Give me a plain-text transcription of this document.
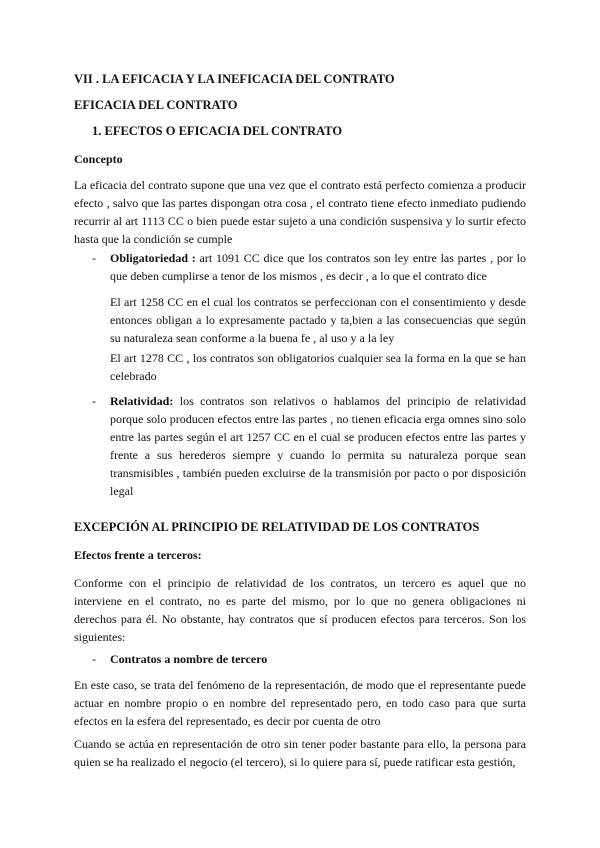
VII . LA EFICACIA Y LA INEFICACIA DEL CONTRATO

EFICACIA DEL CONTRATO

1. EFECTOS O EFICACIA DEL CONTRATO

Concepto

La eficacia del contrato supone que una vez que el contrato está perfecto comienza a producir efecto , salvo que las partes dispongan otra cosa , el contrato tiene efecto inmediato pudiendo recurrir al art 1113 CC o bien puede estar sujeto a una condición suspensiva y lo surtir efecto hasta que la condición se cumple

- Obligatoriedad : art 1091 CC dice que los contratos son ley entre las partes , por lo que deben cumplirse a tenor de los mismos , es decir , a lo que el contrato dice

El art 1258 CC en el cual los contratos se perfeccionan con el consentimiento y desde entonces obligan a lo expresamente pactado y ta,bien a las consecuencias que según su naturaleza sean conforme a la buena fe , al uso y a la ley

El art 1278 CC , los contratos son obligatorios cualquier sea la forma en la que se han celebrado

- Relatividad: los contratos son relativos o hablamos del principio de relatividad porque solo producen efectos entre las partes , no tienen eficacia erga omnes sino solo entre las partes según el art 1257 CC en el cual se producen efectos entre las partes y frente a sus herederos siempre y cuando lo permita su naturaleza porque sean transmisibles , también pueden excluirse de la transmisión por pacto o por disposición legal

EXCEPCIÓN AL PRINCIPIO DE RELATIVIDAD DE LOS CONTRATOS

Efectos frente a terceros:

Conforme con el principio de relatividad de los contratos, un tercero es aquel que no interviene en el contrato, no es parte del mismo, por lo que no genera obligaciones ni derechos para él. No obstante, hay contratos que sí producen efectos para terceros. Son los siguientes:

- Contratos a nombre de tercero

En este caso, se trata del fenómeno de la representación, de modo que el representante puede actuar en nombre propio o en nombre del representado pero, en todo caso para que surta efectos en la esfera del representado, es decir por cuenta de otro

Cuando se actúa en representación de otro sin tener poder bastante para ello, la persona para quien se ha realizado el negocio (el tercero), si lo quiere para sí, puede ratificar esta gestión,
